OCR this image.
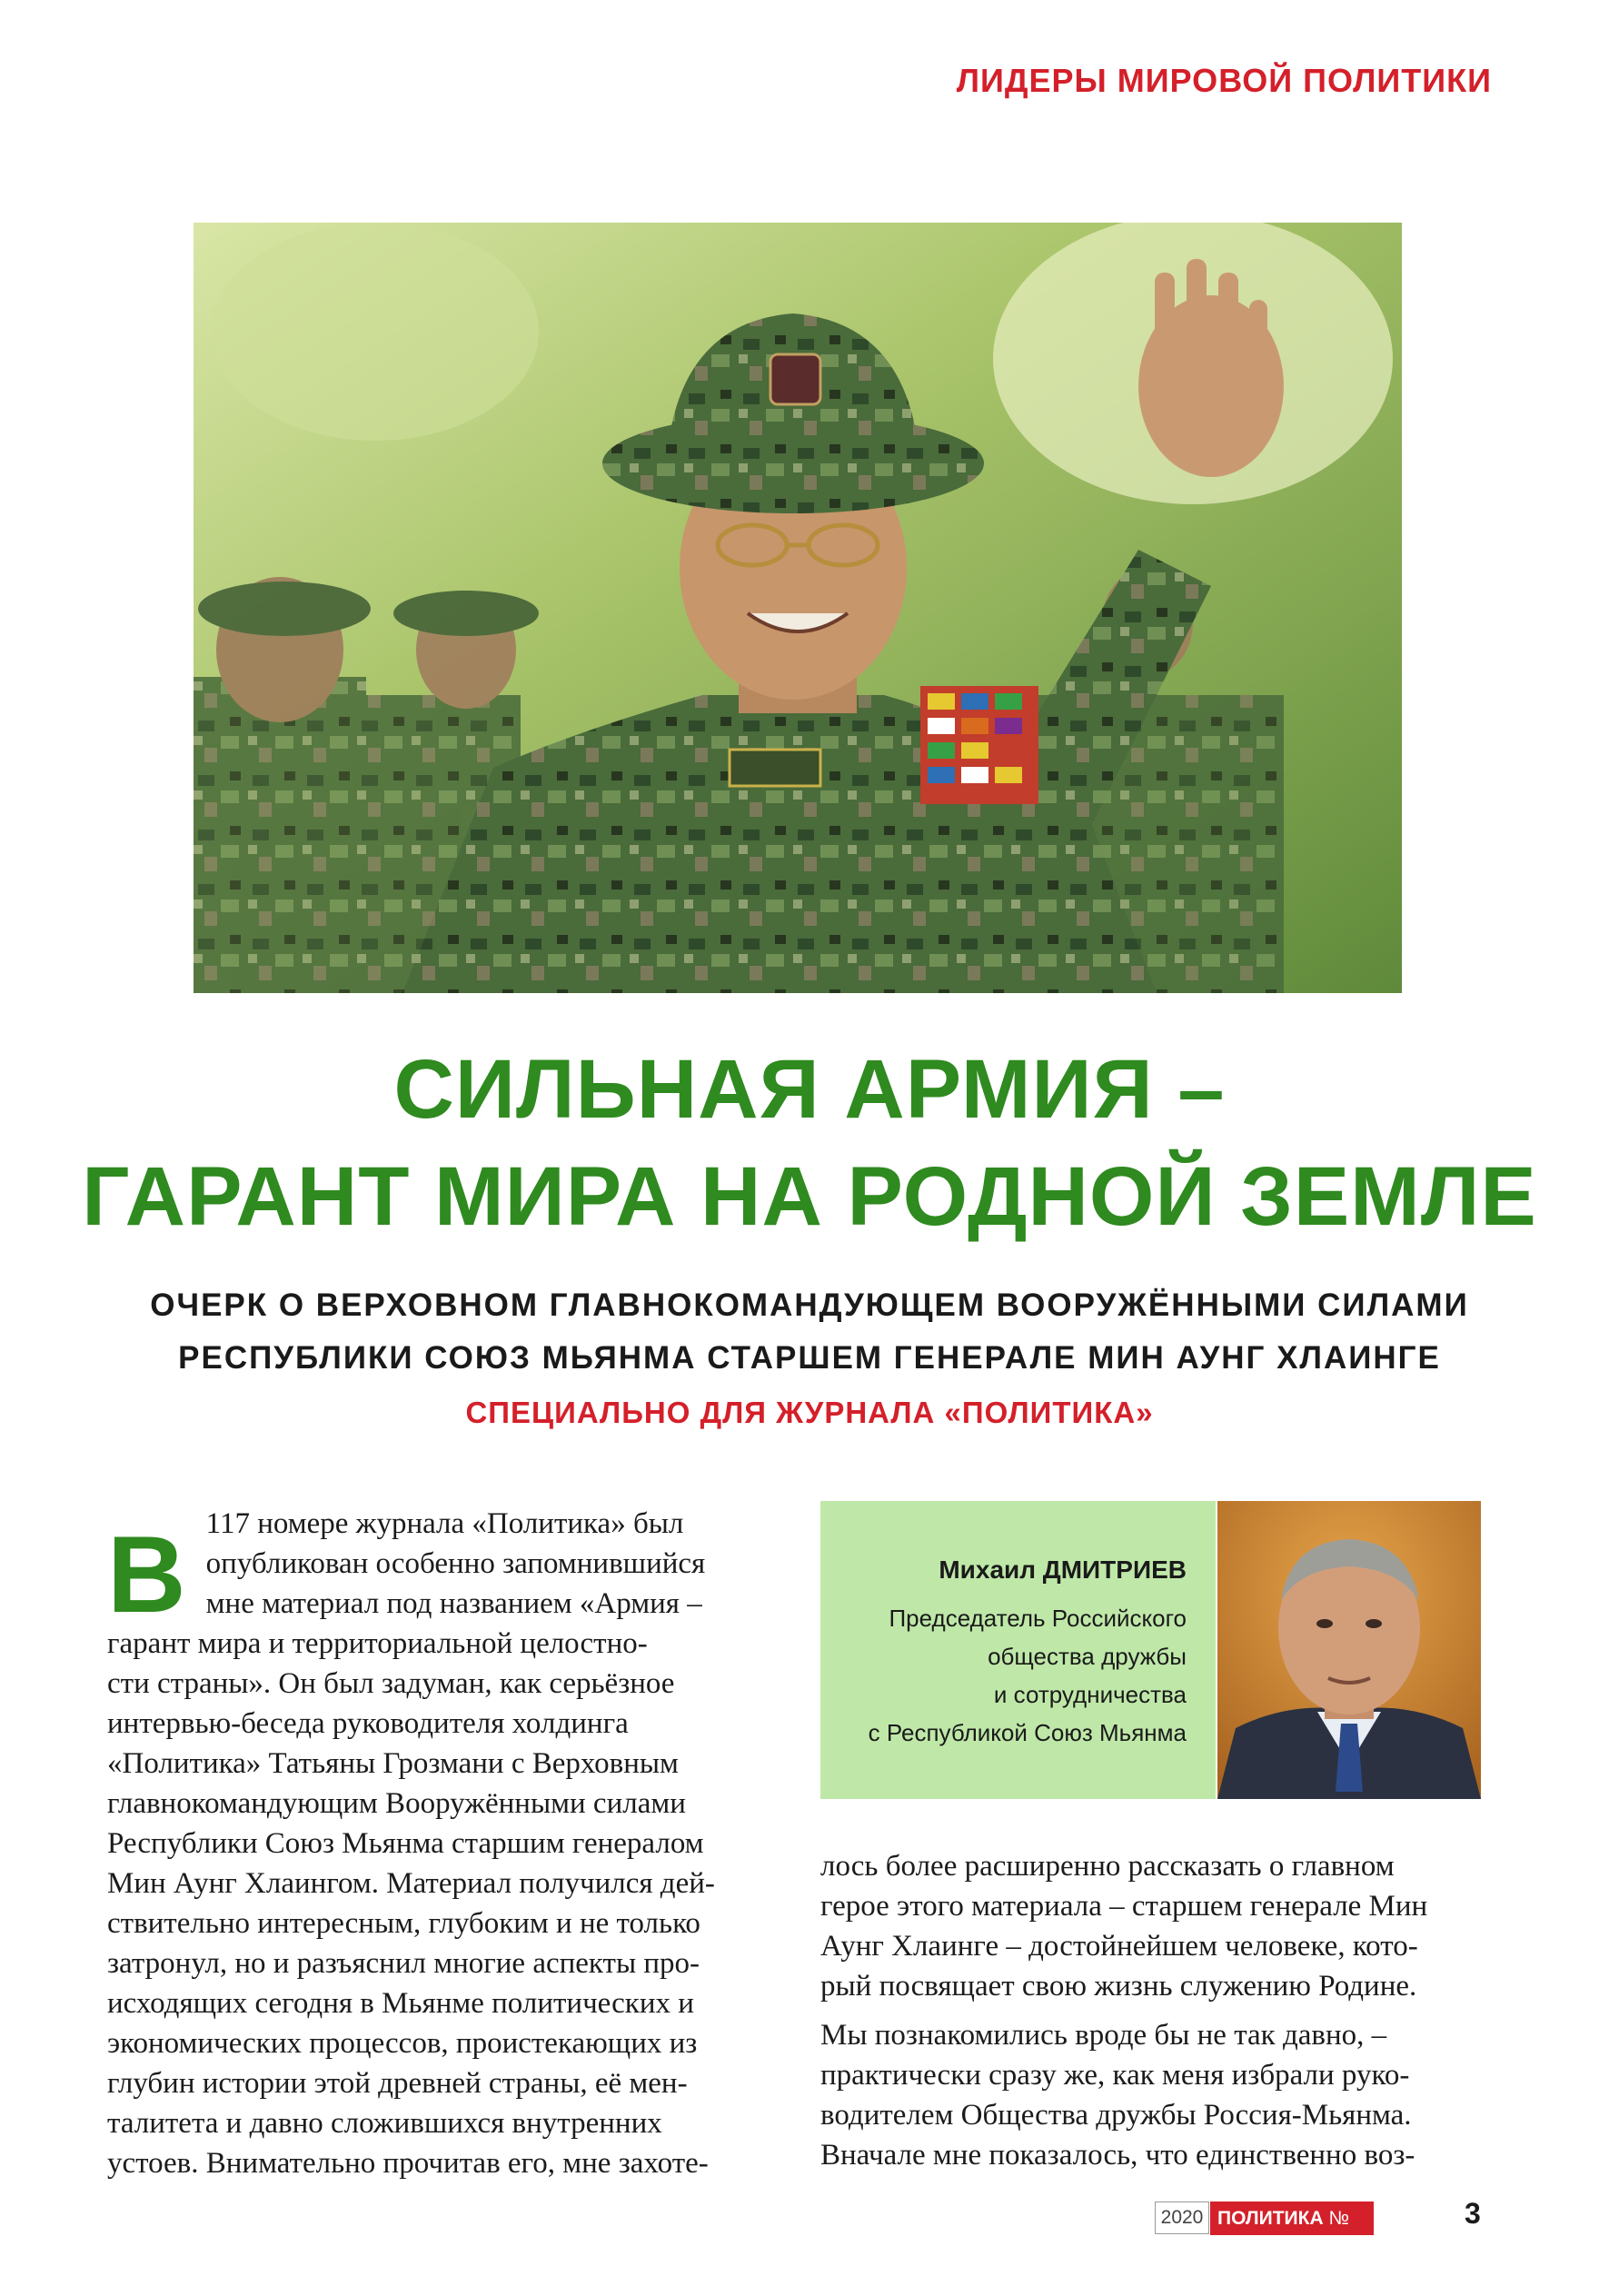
ЛИДЕРЫ МИРОВОЙ ПОЛИТИКИ
СИЛЬНАЯ АРМИЯ –
ГАРАНТ МИРА НА РОДНОЙ ЗЕМЛЕ
ОЧЕРК О ВЕРХОВНОМ ГЛАВНОКОМАНДУЮЩЕМ ВООРУЖЁННЫМИ СИЛАМИ
РЕСПУБЛИКИ СОЮЗ МЬЯНМА СТАРШЕМ ГЕНЕРАЛЕ МИН АУНГ ХЛАИНГЕ
СПЕЦИАЛЬНО ДЛЯ ЖУРНАЛА «ПОЛИТИКА»
В 117 номере журнала «Политика» был
опубликован особенно запомнившийся
мне материал под названием «Армия –
гарант мира и территориальной целостно-
сти страны». Он был задуман, как серьёзное
интервью-беседа руководителя холдинга
«Политика» Татьяны Грозмани с Верховным
главнокомандующим Вооружёнными силами
Республики Союз Мьянма старшим генералом
Мин Аунг Хлаингом. Материал получился дей-
ствительно интересным, глубоким и не только
затронул, но и разъяснил многие аспекты про-
исходящих сегодня в Мьянме политических и
экономических процессов, проистекающих из
глубин истории этой древней страны, её мен-
талитета и давно сложившихся внутренних
устоев. Внимательно прочитав его, мне захоте-

Михаил ДМИТРИЕВ
Председатель Российского
общества дружбы
и сотрудничества
с Республикой Союз Мьянма

лось более расширенно рассказать о главном
герое этого материала – старшем генерале Мин
Аунг Хлаинге – достойнейшем человеке, кото-
рый посвящает свою жизнь служению Родине.

Мы познакомились вроде бы не так давно, –
практически сразу же, как меня избрали руко-
водителем Общества дружбы Россия-Мьянма.
Вначале мне показалось, что единственно воз-

2020 ПОЛИТИКА № 118
3
